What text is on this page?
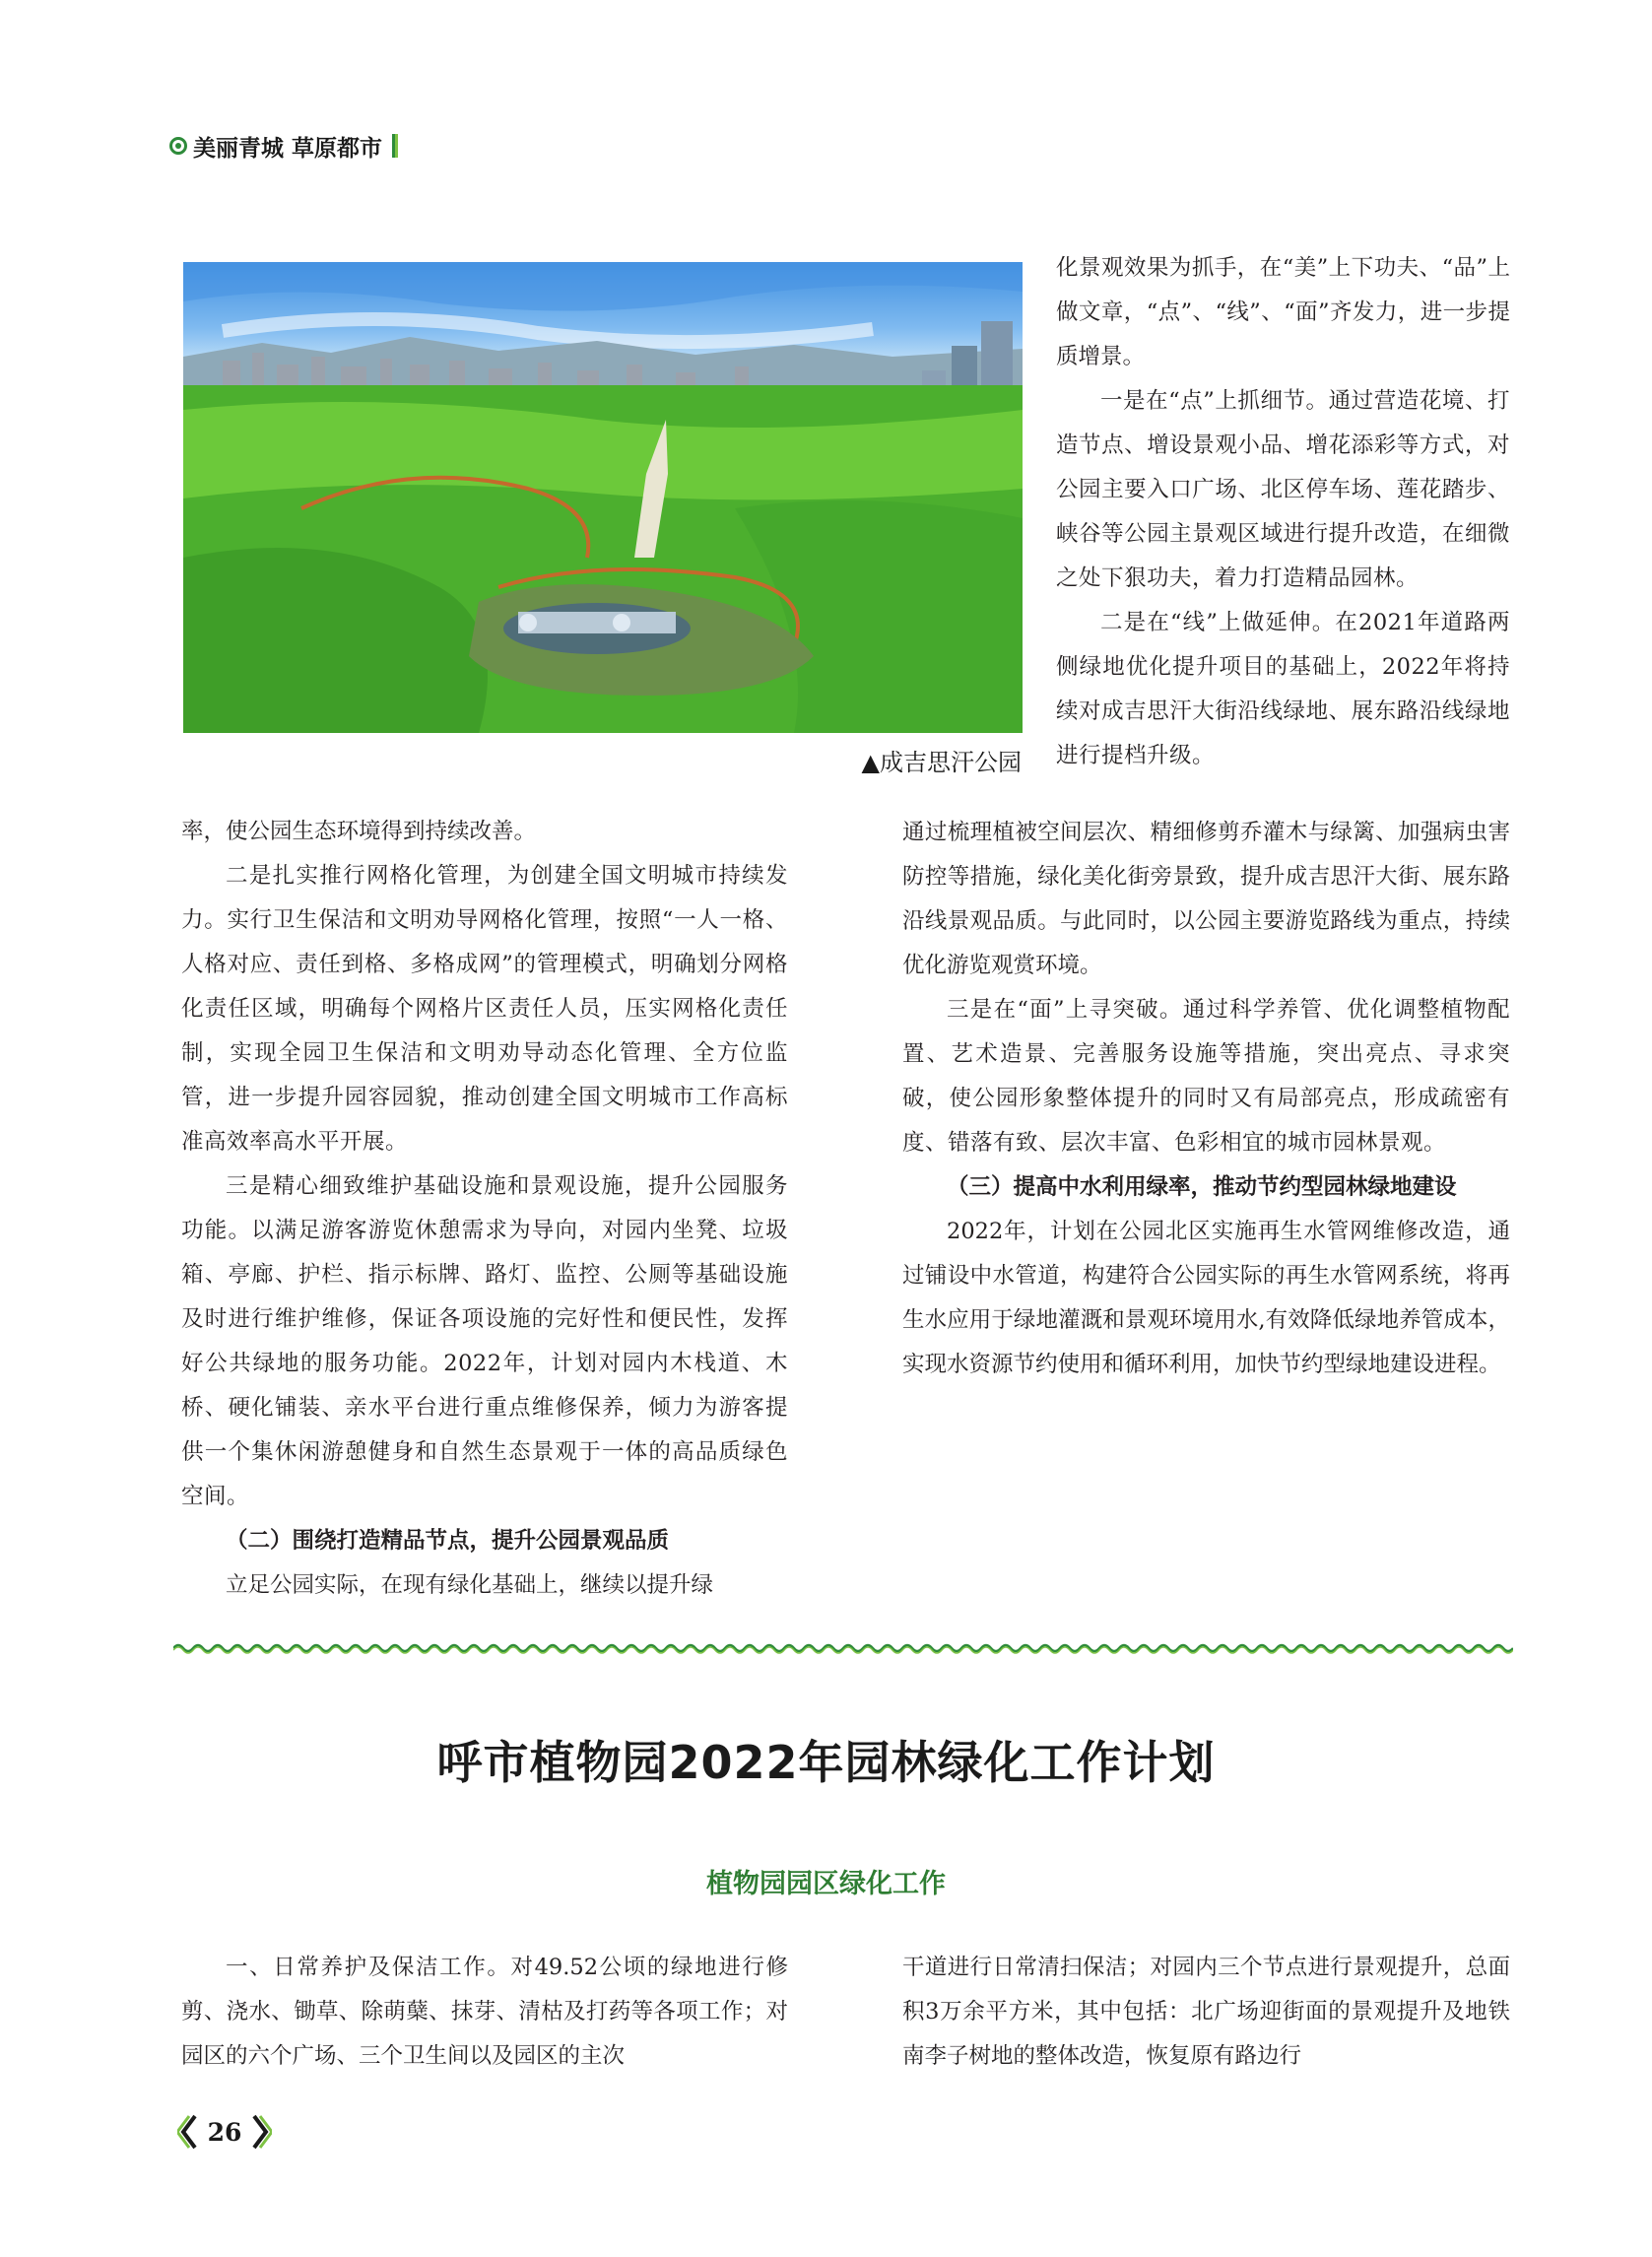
美丽青城 草原都市
▲成吉思汗公园

化景观效果为抓手，在“美”上下功夫、“品”上做文章，“点”、“线”、“面”齐发力，进一步提质增景。

一是在“点”上抓细节。通过营造花境、打造节点、增设景观小品、增花添彩等方式，对公园主要入口广场、北区停车场、莲花踏步、峡谷等公园主景观区域进行提升改造，在细微之处下狠功夫，着力打造精品园林。

二是在“线”上做延伸。在2021年道路两侧绿地优化提升项目的基础上，2022年将持续对成吉思汗大街沿线绿地、展东路沿线绿地进行提档升级。

率，使公园生态环境得到持续改善。

二是扎实推行网格化管理，为创建全国文明城市持续发力。实行卫生保洁和文明劝导网格化管理，按照“一人一格、人格对应、责任到格、多格成网”的管理模式，明确划分网格化责任区域，明确每个网格片区责任人员，压实网格化责任制，实现全园卫生保洁和文明劝导动态化管理、全方位监管，进一步提升园容园貌，推动创建全国文明城市工作高标准高效率高水平开展。

三是精心细致维护基础设施和景观设施，提升公园服务功能。以满足游客游览休憩需求为导向，对园内坐凳、垃圾箱、亭廊、护栏、指示标牌、路灯、监控、公厕等基础设施及时进行维护维修，保证各项设施的完好性和便民性，发挥好公共绿地的服务功能。2022年，计划对园内木栈道、木桥、硬化铺装、亲水平台进行重点维修保养，倾力为游客提供一个集休闲游憩健身和自然生态景观于一体的高品质绿色空间。

（二）围绕打造精品节点，提升公园景观品质

立足公园实际，在现有绿化基础上，继续以提升绿

通过梳理植被空间层次、精细修剪乔灌木与绿篱、加强病虫害防控等措施，绿化美化街旁景致，提升成吉思汗大街、展东路沿线景观品质。与此同时，以公园主要游览路线为重点，持续优化游览观赏环境。

三是在“面”上寻突破。通过科学养管、优化调整植物配置、艺术造景、完善服务设施等措施，突出亮点、寻求突破，使公园形象整体提升的同时又有局部亮点，形成疏密有度、错落有致、层次丰富、色彩相宜的城市园林景观。

（三）提高中水利用绿率，推动节约型园林绿地建设

2022年，计划在公园北区实施再生水管网维修改造，通过铺设中水管道，构建符合公园实际的再生水管网系统，将再生水应用于绿地灌溉和景观环境用水,有效降低绿地养管成本，实现水资源节约使用和循环利用，加快节约型绿地建设进程。

呼市植物园2022年园林绿化工作计划
植物园园区绿化工作

一、日常养护及保洁工作。对49.52公顷的绿地进行修剪、浇水、锄草、除萌蘖、抹芽、清枯及打药等各项工作；对园区的六个广场、三个卫生间以及园区的主次

干道进行日常清扫保洁；对园内三个节点进行景观提升，总面积3万余平方米，其中包括：北广场迎街面的景观提升及地铁南李子树地的整体改造，恢复原有路边行

26
